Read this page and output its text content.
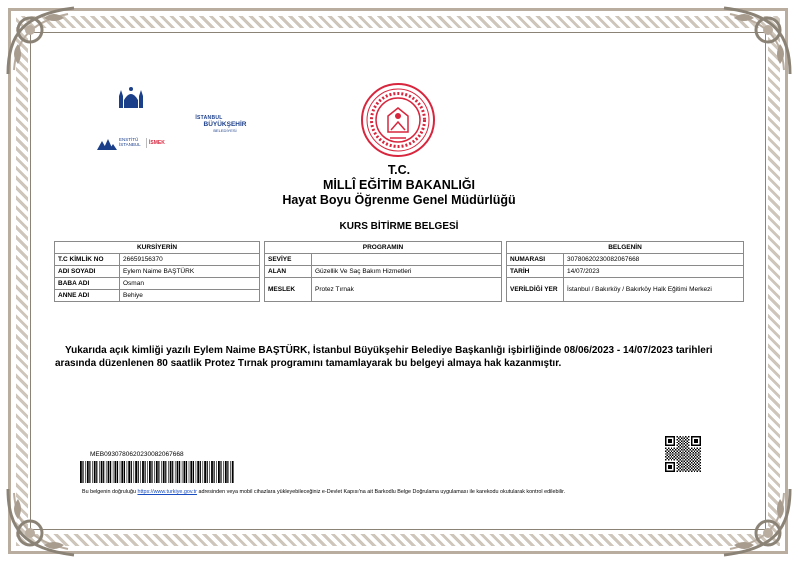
İSTANBUL
BÜYÜKŞEHİR
BELEDİYESİ
ENSTİTÜ
İSTANBUL İSMEK
T.C.
MİLLÎ EĞİTİM BAKANLIĞI
Hayat Boyu Öğrenme Genel Müdürlüğü
KURS BİTİRME BELGESİ
KURSİYERİN	
T.C KİMLİK NO	26659156370
ADI SOYADI	Eylem Naime BAŞTÜRK
BABA ADI	Osman
ANNE ADI	Behiye
PROGRAMIN	
SEVİYE	
ALAN	Güzellik Ve Saç Bakım Hizmetleri
MESLEK	Protez Tırnak
BELGENİN	
NUMARASI	30780620230082067668
TARİH	14/07/2023
VERİLDİĞİ YER	İstanbul / Bakırköy / Bakırköy Halk Eğitimi Merkezi
Yukarıda açık kimliği yazılı Eylem Naime BAŞTÜRK, İstanbul Büyükşehir Belediye Başkanlığı işbirliğinde 08/06/2023 - 14/07/2023 tarihleri arasında düzenlenen 80 saatlik Protez Tırnak programını tamamlayarak bu belgeyi almaya hak kazanmıştır.
MEB09307806202300820676​68
Bu belgenin doğruluğu https://www.turkiye.gov.tr adresinden veya mobil cihazlara yükleyebileceğiniz e-Devlet Kapısı'na ait Barkodlu Belge Doğrulama uygulaması ile karekodu okutularak kontrol edilebilir.
